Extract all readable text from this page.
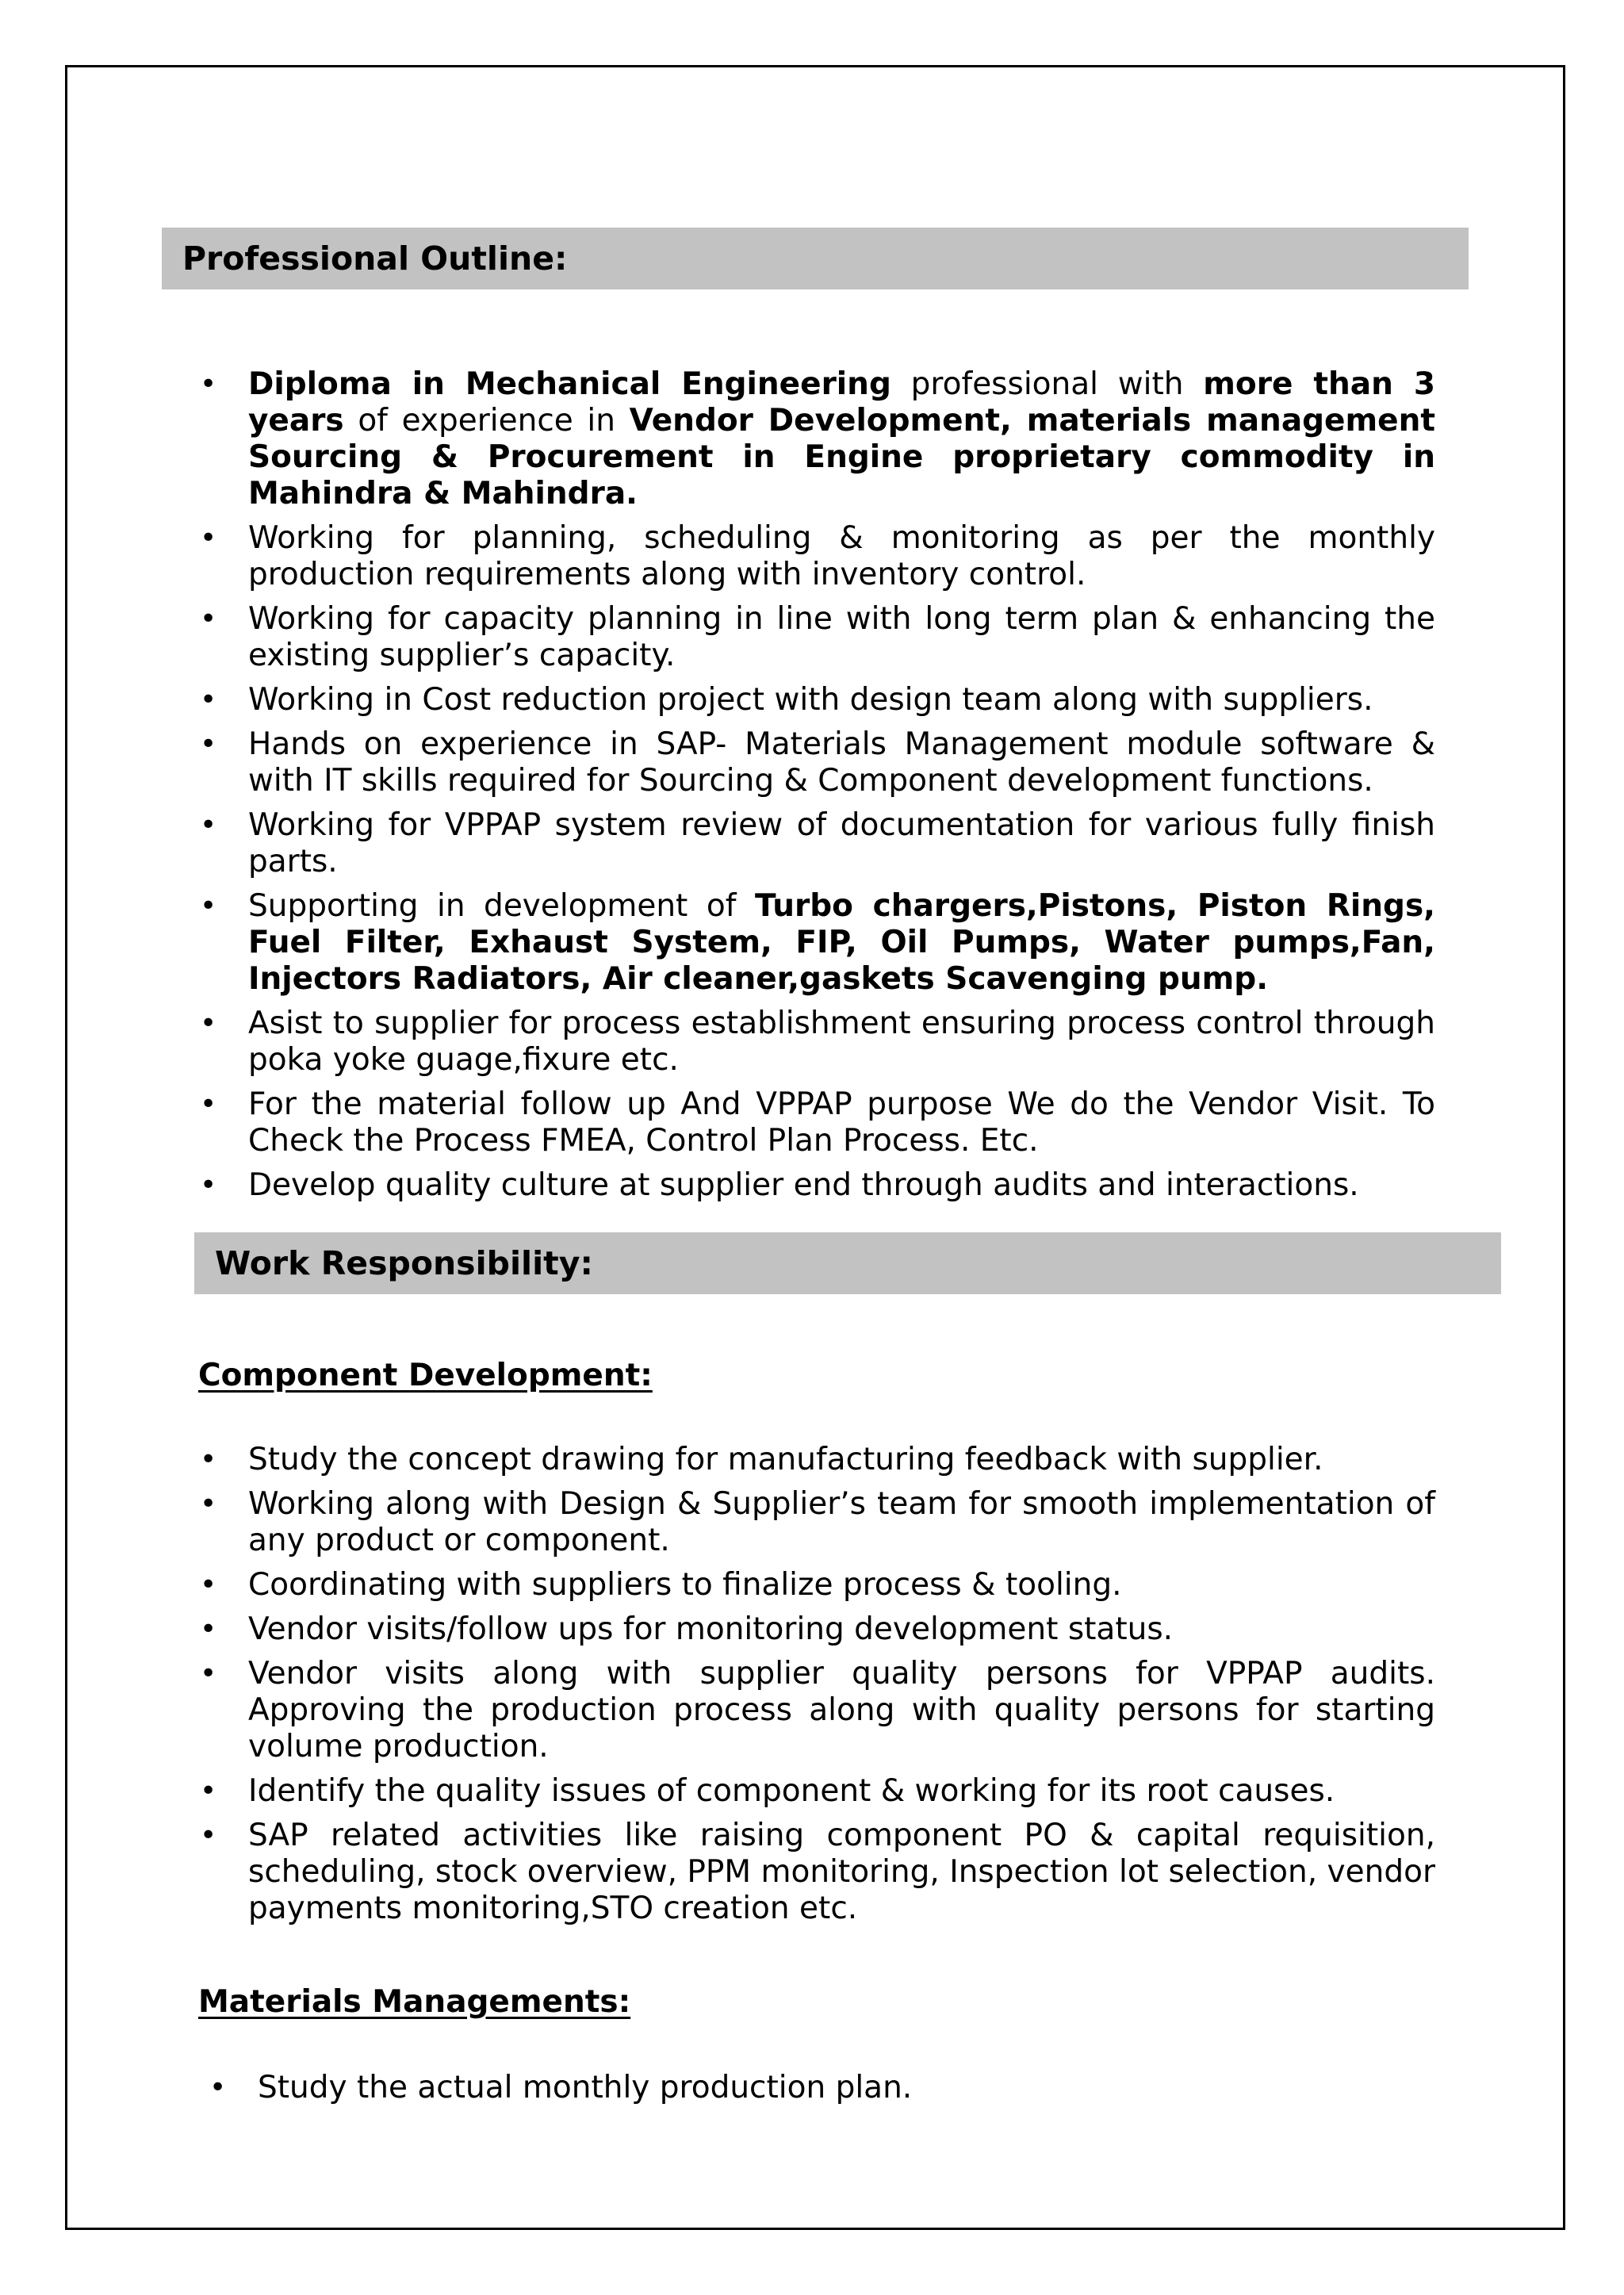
Professional Outline:
• Diploma in Mechanical Engineering professional with more than 3 years of experience in Vendor Development, materials management Sourcing & Procurement in Engine proprietary commodity in Mahindra & Mahindra.
• Working for planning, scheduling & monitoring as per the monthly production requirements along with inventory control.
• Working for capacity planning in line with long term plan & enhancing the existing supplier’s capacity.
• Working in Cost reduction project with design team along with suppliers.
• Hands on experience in SAP- Materials Management module software & with IT skills required for Sourcing & Component development functions.
• Working for VPPAP system review of documentation for various fully finish parts.
• Supporting in development of Turbo chargers,Pistons, Piston Rings, Fuel Filter, Exhaust System, FIP, Oil Pumps, Water pumps,Fan, Injectors Radiators, Air cleaner,gaskets Scavenging pump.
• Asist to supplier for process establishment ensuring process control through poka yoke guage,fixure etc.
• For the material follow up And VPPAP purpose We do the Vendor Visit. To Check the Process FMEA, Control Plan Process. Etc.
• Develop quality culture at supplier end through audits and interactions.
Work Responsibility:
Component Development:
• Study the concept drawing for manufacturing feedback with supplier.
• Working along with Design & Supplier’s team for smooth implementation of any product or component.
• Coordinating with suppliers to finalize process & tooling.
• Vendor visits/follow ups for monitoring development status.
• Vendor visits along with supplier quality persons for VPPAP audits. Approving the production process along with quality persons for starting volume production.
• Identify the quality issues of component & working for its root causes.
• SAP related activities like raising component PO & capital requisition, scheduling, stock overview, PPM monitoring, Inspection lot selection, vendor payments monitoring,STO creation etc.
Materials Managements:
• Study the actual monthly production plan.
